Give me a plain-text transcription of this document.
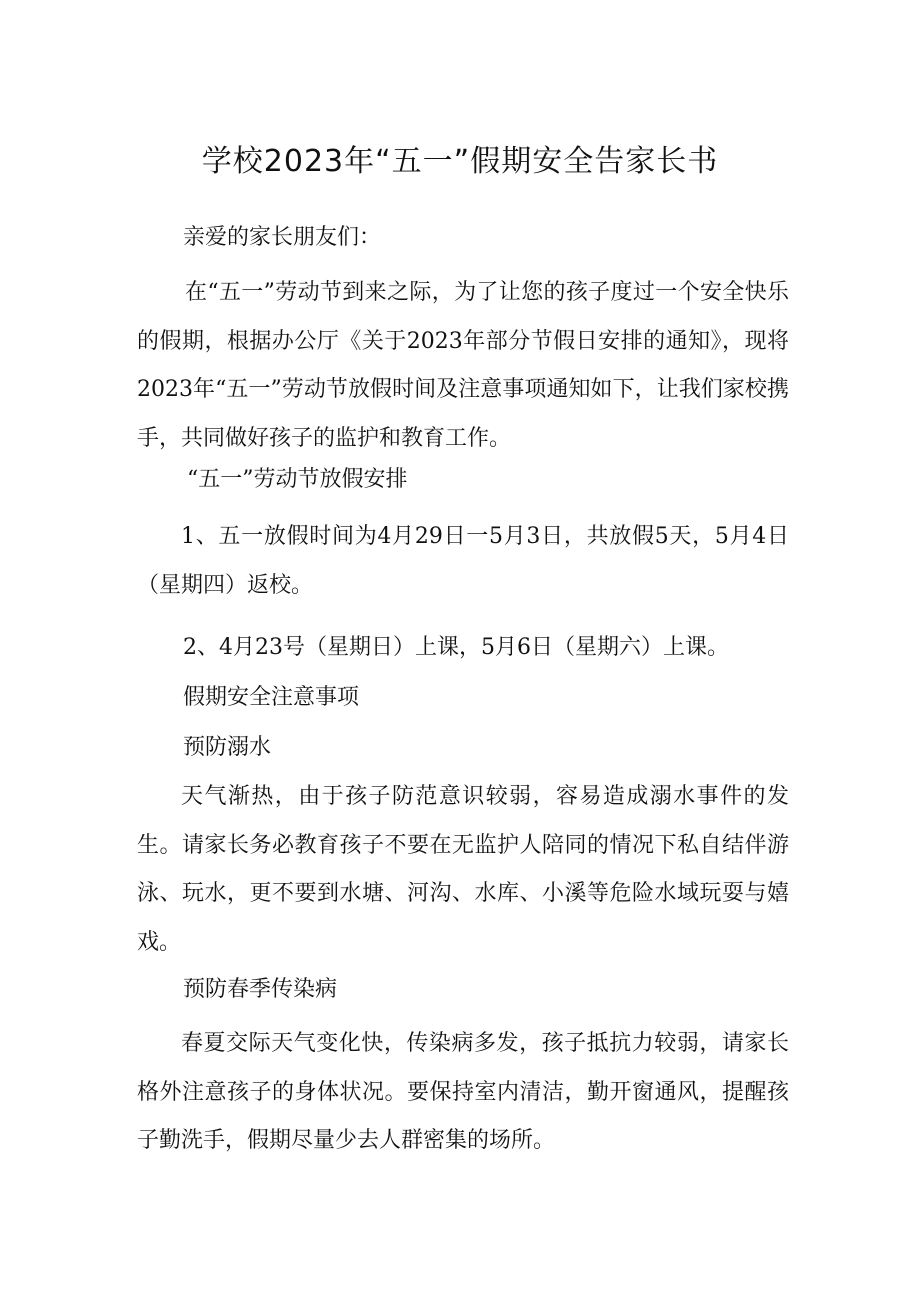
学校2023年“五一”假期安全告家长书

亲爱的家长朋友们：

在“五一”劳动节到来之际，为了让您的孩子度过一个安全快乐的假期，根据办公厅《关于2023年部分节假日安排的通知》，现将2023年“五一”劳动节放假时间及注意事项通知如下，让我们家校携手，共同做好孩子的监护和教育工作。

“五一”劳动节放假安排

1、五一放假时间为4月29日一5月3日，共放假5天，5月4日（星期四）返校。

2、4月23号（星期日）上课，5月6日（星期六）上课。

假期安全注意事项

预防溺水

天气渐热，由于孩子防范意识较弱，容易造成溺水事件的发生。请家长务必教育孩子不要在无监护人陪同的情况下私自结伴游泳、玩水，更不要到水塘、河沟、水库、小溪等危险水域玩耍与嬉戏。

预防春季传染病

春夏交际天气变化快，传染病多发，孩子抵抗力较弱，请家长格外注意孩子的身体状况。要保持室内清洁，勤开窗通风，提醒孩子勤洗手，假期尽量少去人群密集的场所。
